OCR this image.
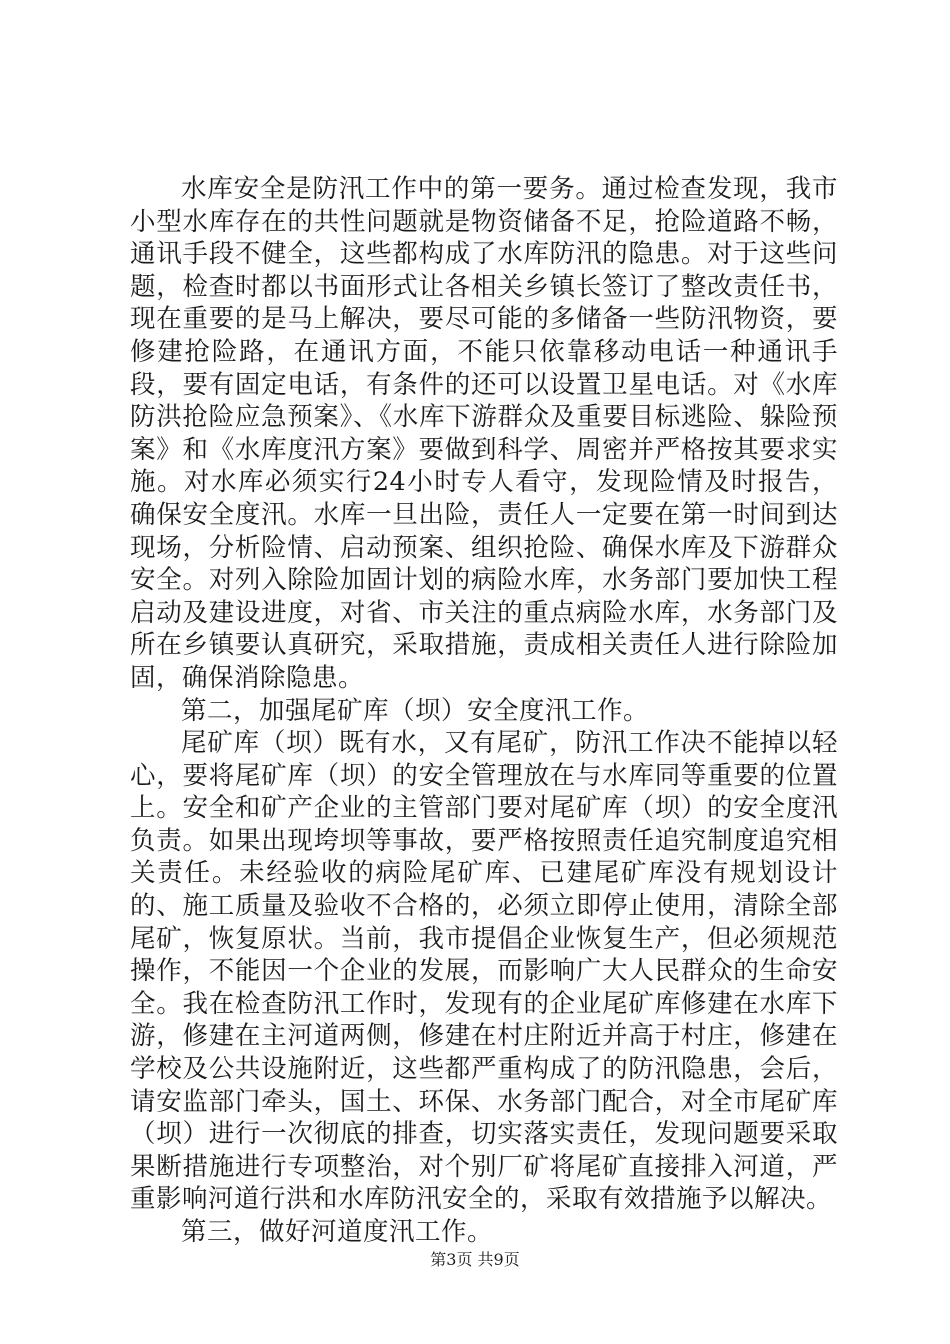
水库安全是防汛工作中的第一要务。通过检查发现，我市小型水库存在的共性问题就是物资储备不足，抢险道路不畅，通讯手段不健全，这些都构成了水库防汛的隐患。对于这些问题，检查时都以书面形式让各相关乡镇长签订了整改责任书，现在重要的是马上解决，要尽可能的多储备一些防汛物资，要修建抢险路，在通讯方面，不能只依靠移动电话一种通讯手段，要有固定电话，有条件的还可以设置卫星电话。对《水库防洪抢险应急预案》、《水库下游群众及重要目标逃险、躲险预案》和《水库度汛方案》要做到科学、周密并严格按其要求实施。对水库必须实行24小时专人看守，发现险情及时报告，确保安全度汛。水库一旦出险，责任人一定要在第一时间到达现场，分析险情、启动预案、组织抢险、确保水库及下游群众安全。对列入除险加固计划的病险水库，水务部门要加快工程启动及建设进度，对省、市关注的重点病险水库，水务部门及所在乡镇要认真研究，采取措施，责成相关责任人进行除险加固，确保消除隐患。

第二，加强尾矿库（坝）安全度汛工作。

尾矿库（坝）既有水，又有尾矿，防汛工作决不能掉以轻心，要将尾矿库（坝）的安全管理放在与水库同等重要的位置上。安全和矿产企业的主管部门要对尾矿库（坝）的安全度汛负责。如果出现垮坝等事故，要严格按照责任追究制度追究相关责任。未经验收的病险尾矿库、已建尾矿库没有规划设计的、施工质量及验收不合格的，必须立即停止使用，清除全部尾矿，恢复原状。当前，我市提倡企业恢复生产，但必须规范操作，不能因一个企业的发展，而影响广大人民群众的生命安全。我在检查防汛工作时，发现有的企业尾矿库修建在水库下游，修建在主河道两侧，修建在村庄附近并高于村庄，修建在学校及公共设施附近，这些都严重构成了的防汛隐患，会后，请安监部门牵头，国土、环保、水务部门配合，对全市尾矿库（坝）进行一次彻底的排查，切实落实责任，发现问题要采取果断措施进行专项整治，对个别厂矿将尾矿直接排入河道，严重影响河道行洪和水库防汛安全的，采取有效措施予以解决。

第三，做好河道度汛工作。

第3页 共9页
